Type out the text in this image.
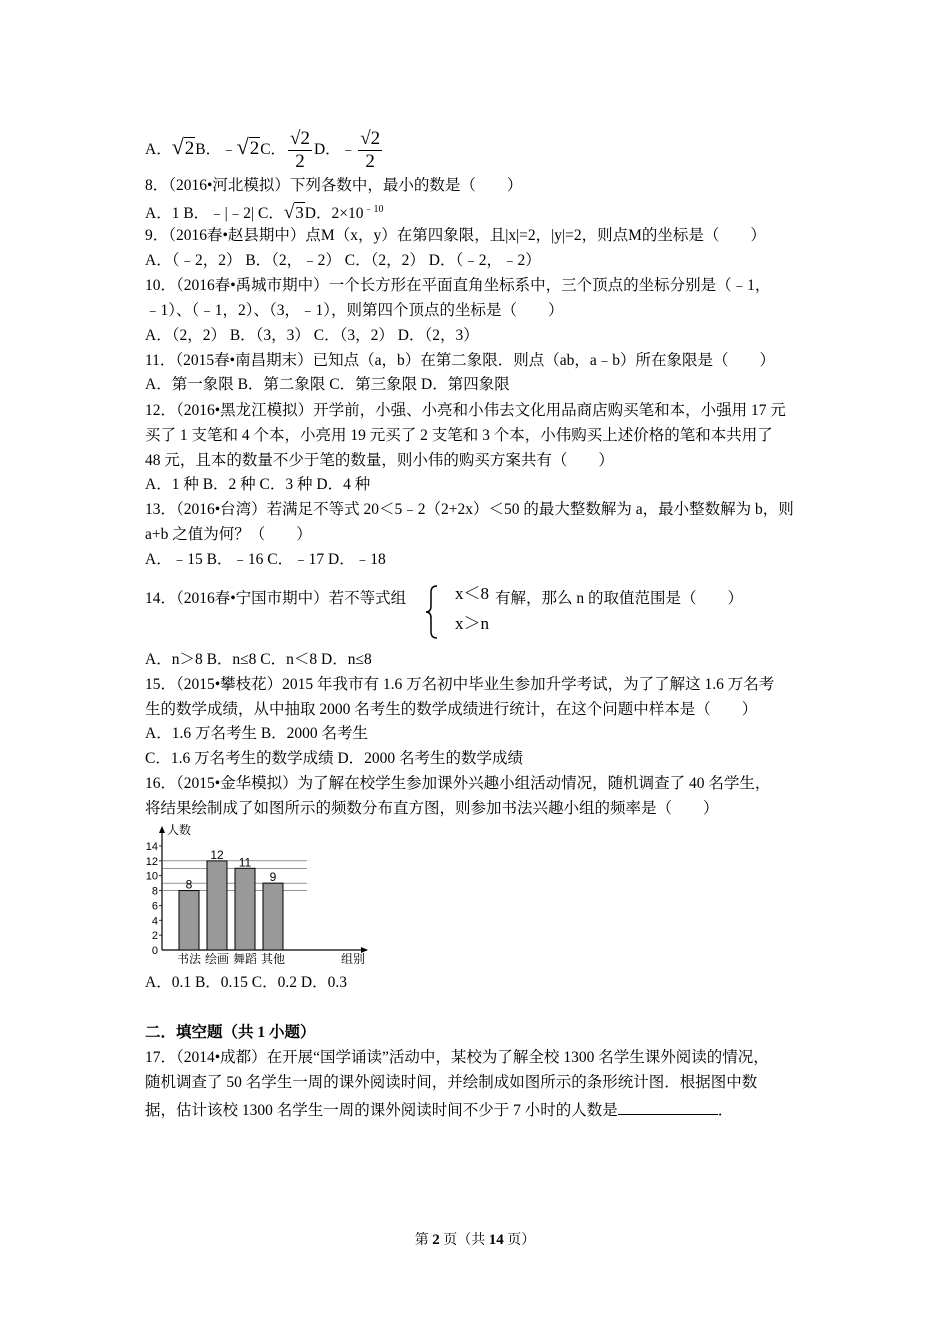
A．√2B．﹣√2C． $\frac{√2}{2}$ D．﹣ $\frac{√2}{2}$
8．（2016•河北模拟）下列各数中，最小的数是（　　）
A．1 B．﹣|﹣2| C．√3D．$2\times 10^{﹣10}$
9．（2016春•赵县期中）点M（x，y）在第四象限，且|x|=2，|y|=2，则点M的坐标是（　　）
A．（﹣2，2） B．（2，﹣2） C．（2，2） D．（﹣2，﹣2）
10．（2016春•禹城市期中）一个长方形在平面直角坐标系中，三个顶点的坐标分别是（﹣1，
﹣1）、（﹣1，2）、（3，﹣1），则第四个顶点的坐标是（　　）
A．（2，2） B．（3，3） C．（3，2） D．（2，3）
11．（2015春•南昌期末）已知点（a，b）在第二象限．则点（ab，a﹣b）所在象限是（　　）
A．第一象限 B．第二象限 C．第三象限 D．第四象限
12．（2016•黑龙江模拟）开学前，小强、小亮和小伟去文化用品商店购买笔和本，小强用 17 元
买了 1 支笔和 4 个本，小亮用 19 元买了 2 支笔和 3 个本，小伟购买上述价格的笔和本共用了
48 元，且本的数量不少于笔的数量，则小伟的购买方案共有（　　）
A．1 种 B．2 种 C．3 种 D．4 种
13．（2016•台湾）若满足不等式 20＜5﹣2（2+2x）＜50 的最大整数解为 a，最小整数解为 b，则
a+b 之值为何？（　　）
A．﹣15 B．﹣16 C．﹣17 D．﹣18
14．（2016春•宁国市期中）若不等式组	x＜8
x＞n
有解，那么 n 的取值范围是（　　）
A．n＞8 B．n≤8 C．n＜8 D．n≤8
15．（2015•攀枝花）2015 年我市有 1.6 万名初中毕业生参加升学考试，为了了解这 1.6 万名考
生的数学成绩，从中抽取 2000 名考生的数学成绩进行统计，在这个问题中样本是（　　）
A．1.6 万名考生 B．2000 名考生
C．1.6 万名考生的数学成绩 D．2000 名考生的数学成绩
16．（2015•金华模拟）为了解在校学生参加课外兴趣小组活动情况，随机调查了 40 名学生，
将结果绘制成了如图所示的频数分布直方图，则参加书法兴趣小组的频率是（　　）
0
2
4
6
8
10
12
14
8
书法
12
绘画
11
舞蹈
9
其他
人数
组别
A．0.1 B．0.15 C．0.2 D．0.3
二．填空题（共 1 小题）
17．（2014•成都）在开展“国学诵读”活动中，某校为了解全校 1300 名学生课外阅读的情况，
随机调查了 50 名学生一周的课外阅读时间，并绘制成如图所示的条形统计图．根据图中数
据，估计该校 1300 名学生一周的课外阅读时间不少于 7 小时的人数是	．
第 2 页（共 14 页）
